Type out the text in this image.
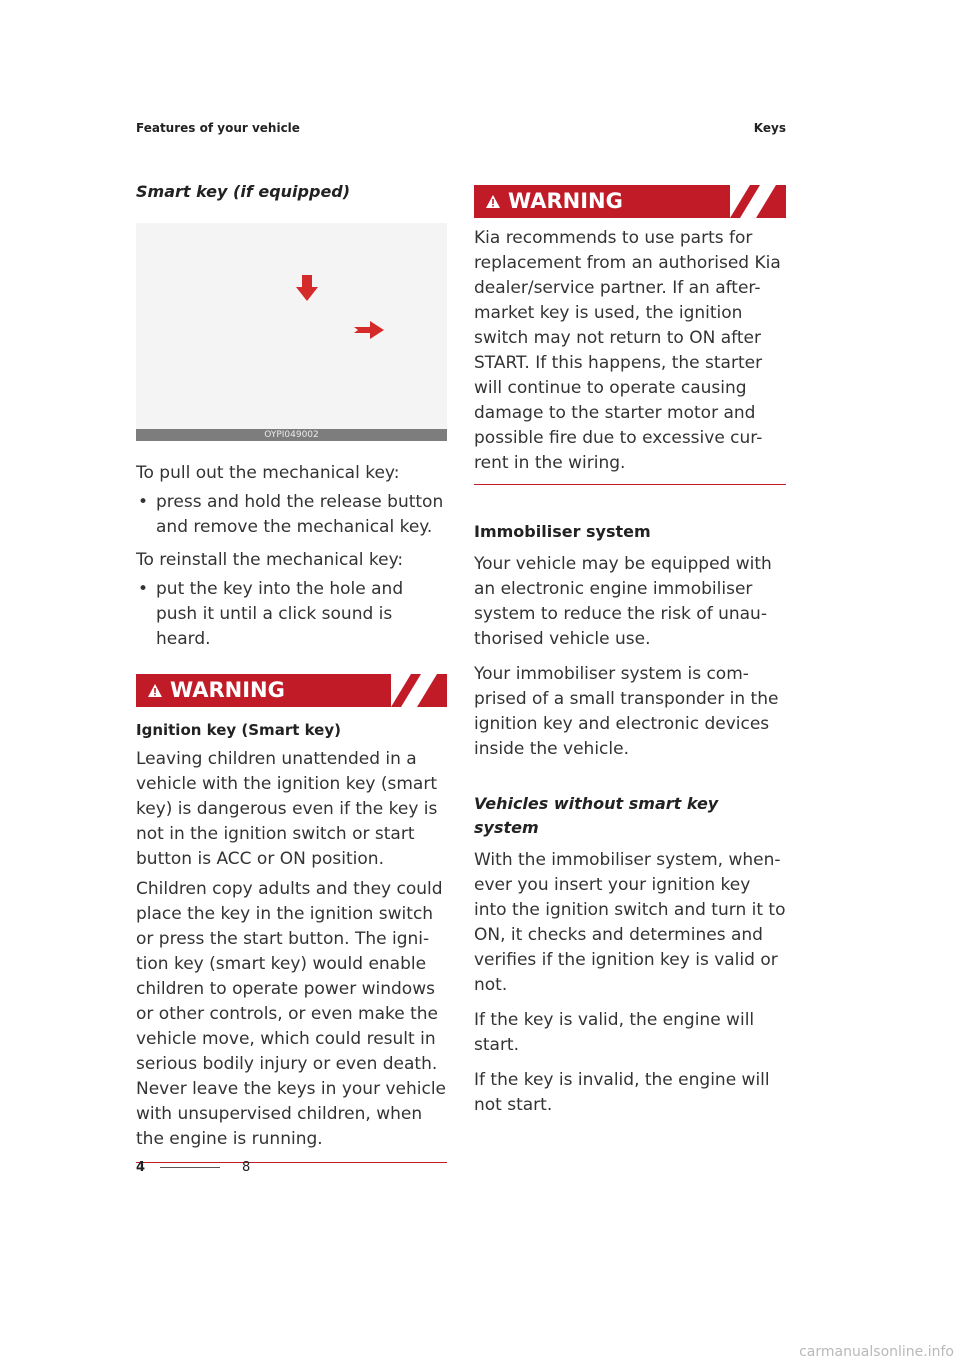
Features of your vehicle	Keys
Smart key (if equipped)
OYPI049002

To pull out the mechanical key:

• press and hold the release button and remove the mechanical key.

To reinstall the mechanical key:

• put the key into the hole and push it until a click sound is heard.
WARNING
Ignition key (Smart key)

Leaving children unattended in a vehicle with the ignition key (smart key) is dangerous even if the key is not in the ignition switch or start button is ACC or ON position.

Children copy adults and they could place the key in the ignition switch or press the start button. The igni-tion key (smart key) would enable children to operate power windows or other controls, or even make the vehicle move, which could result in serious bodily injury or even death. Never leave the keys in your vehicle with unsupervised children, when the engine is running.

WARNING

Kia recommends to use parts for replacement from an authorised Kia dealer/service partner. If an after-market key is used, the ignition switch may not return to ON after START. If this happens, the starter will continue to operate causing damage to the starter motor and possible fire due to excessive cur-rent in the wiring.

Immobiliser system

Your vehicle may be equipped with an electronic engine immobiliser system to reduce the risk of unau-thorised vehicle use.

Your immobiliser system is com-prised of a small transponder in the ignition key and electronic devices inside the vehicle.

Vehicles without smart key system

With the immobiliser system, when-ever you insert your ignition key into the ignition switch and turn it to ON, it checks and determines and verifies if the ignition key is valid or not.

If the key is valid, the engine will start.

If the key is invalid, the engine will not start.

4	8
carmanualsonline.info
